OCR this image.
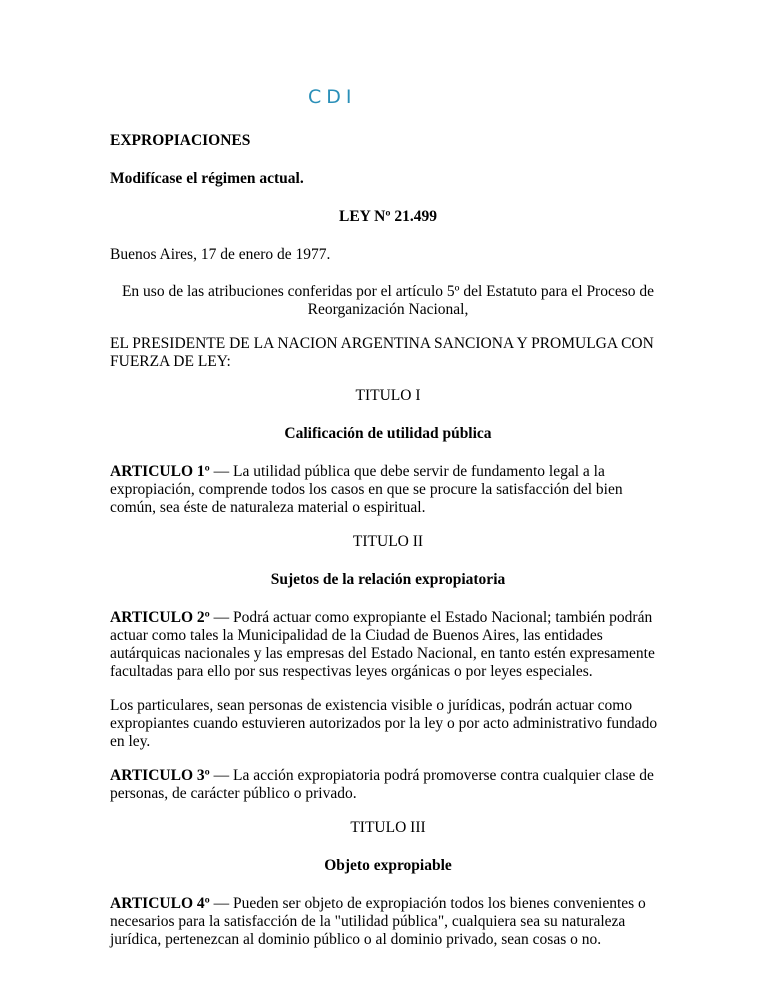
CDI

EXPROPIACIONES

Modifícase el régimen actual.

LEY Nº 21.499

Buenos Aires, 17 de enero de 1977.

En uso de las atribuciones conferidas por el artículo 5º del Estatuto para el Proceso de Reorganización Nacional,

EL PRESIDENTE DE LA NACION ARGENTINA SANCIONA Y PROMULGA CON FUERZA DE LEY:

TITULO I

Calificación de utilidad pública

ARTICULO 1º — La utilidad pública que debe servir de fundamento legal a la expropiación, comprende todos los casos en que se procure la satisfacción del bien común, sea éste de naturaleza material o espiritual.

TITULO II

Sujetos de la relación expropiatoria

ARTICULO 2º — Podrá actuar como expropiante el Estado Nacional; también podrán actuar como tales la Municipalidad de la Ciudad de Buenos Aires, las entidades autárquicas nacionales y las empresas del Estado Nacional, en tanto estén expresamente facultadas para ello por sus respectivas leyes orgánicas o por leyes especiales.

Los particulares, sean personas de existencia visible o jurídicas, podrán actuar como expropiantes cuando estuvieren autorizados por la ley o por acto administrativo fundado en ley.

ARTICULO 3º — La acción expropiatoria podrá promoverse contra cualquier clase de personas, de carácter público o privado.

TITULO III

Objeto expropiable

ARTICULO 4º — Pueden ser objeto de expropiación todos los bienes convenientes o necesarios para la satisfacción de la "utilidad pública", cualquiera sea su naturaleza jurídica, pertenezcan al dominio público o al dominio privado, sean cosas o no.
